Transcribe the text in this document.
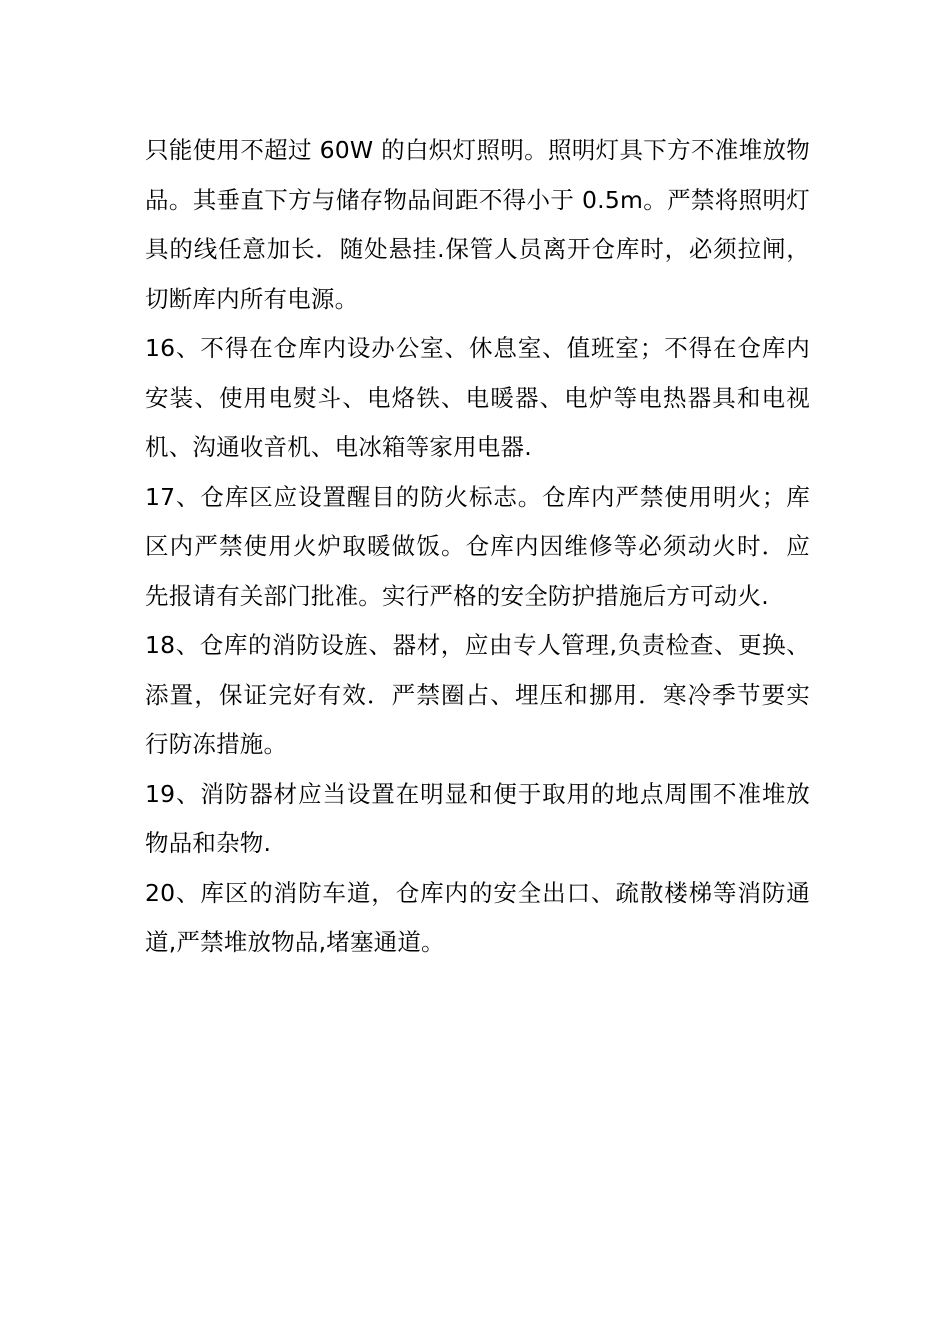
只能使用不超过 60W 的白炽灯照明。照明灯具下方不准堆放物
品。其垂直下方与储存物品间距不得小于 0.5m。严禁将照明灯
具的线任意加长．随处悬挂.保管人员离开仓库时，必须拉闸，
切断库内所有电源。
16、不得在仓库内设办公室、休息室、值班室；不得在仓库内
安装、使用电熨斗、电烙铁、电暖器、电炉等电热器具和电视
机、沟通收音机、电冰箱等家用电器.
17、仓库区应设置醒目的防火标志。仓库内严禁使用明火；库
区内严禁使用火炉取暖做饭。仓库内因维修等必须动火时．应
先报请有关部门批准。实行严格的安全防护措施后方可动火.
18、仓库的消防设旌、器材，应由专人管理,负责检查、更换、
添置，保证完好有效．严禁圈占、埋压和挪用．寒冷季节要实
行防冻措施。
19、消防器材应当设置在明显和便于取用的地点周围不准堆放
物品和杂物.
20、库区的消防车道，仓库内的安全出口、疏散楼梯等消防通
道,严禁堆放物品,堵塞通道。
